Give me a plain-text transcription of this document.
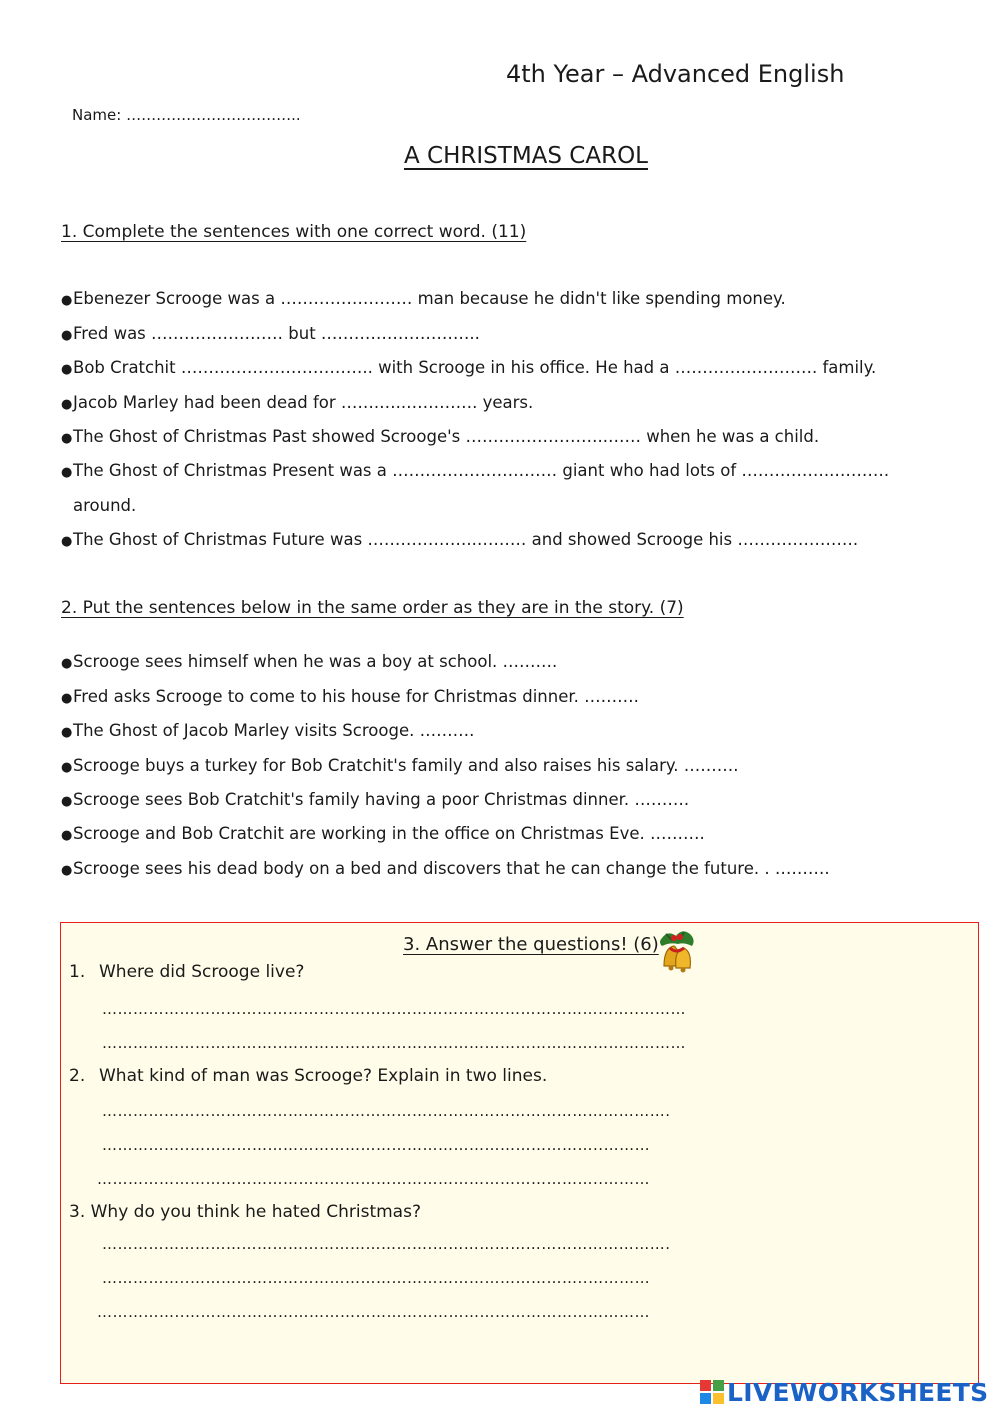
4th Year – Advanced English
Name: ……………………………..
A CHRISTMAS CAROL
1. Complete the sentences with one correct word. (11)
●Ebenezer Scrooge was a …………………… man because he didn't like spending money.
●Fred was …………………… but ………………………..
●Bob Cratchit …………………………….. with Scrooge in his office. He had a ………….…………. family.
●Jacob Marley had been dead for …….…..…………. years.
●The Ghost of Christmas Past showed Scrooge's ……………………..…… when he was a child.
●The Ghost of Christmas Present was a ………………………… giant who had lots of ……………..……….
around.
●The Ghost of Christmas Future was ………………..……… and showed Scrooge his ………………….
2. Put the sentences below in the same order as they are in the story. (7)
●Scrooge sees himself when he was a boy at school. ……….
●Fred asks Scrooge to come to his house for Christmas dinner. ……….
●The Ghost of Jacob Marley visits Scrooge. ……….
●Scrooge buys a turkey for Bob Cratchit's family and also raises his salary. ……….
●Scrooge sees Bob Cratchit's family having a poor Christmas dinner. ……….
●Scrooge and Bob Cratchit are working in the office on Christmas Eve. ……….
●Scrooge sees his dead body on a bed and discovers that he can change the future. . ……….
3. Answer the questions! (6)
1. Where did Scrooge live?
…………………………………………………………………………………………..………
……………………………..……………………………………………………………………
2. What kind of man was Scrooge? Explain in two lines.
……………………………………………………….……………………………………….
……………..……………………………………………………………………..………
……………………………………………………………………………………..………
3. Why do you think he hated Christmas?
……………………………………………………….……………………………………….
……………..…………………………………………………………………..…………
……………..………………………………………………………………………………
LIVEWORKSHEETS
